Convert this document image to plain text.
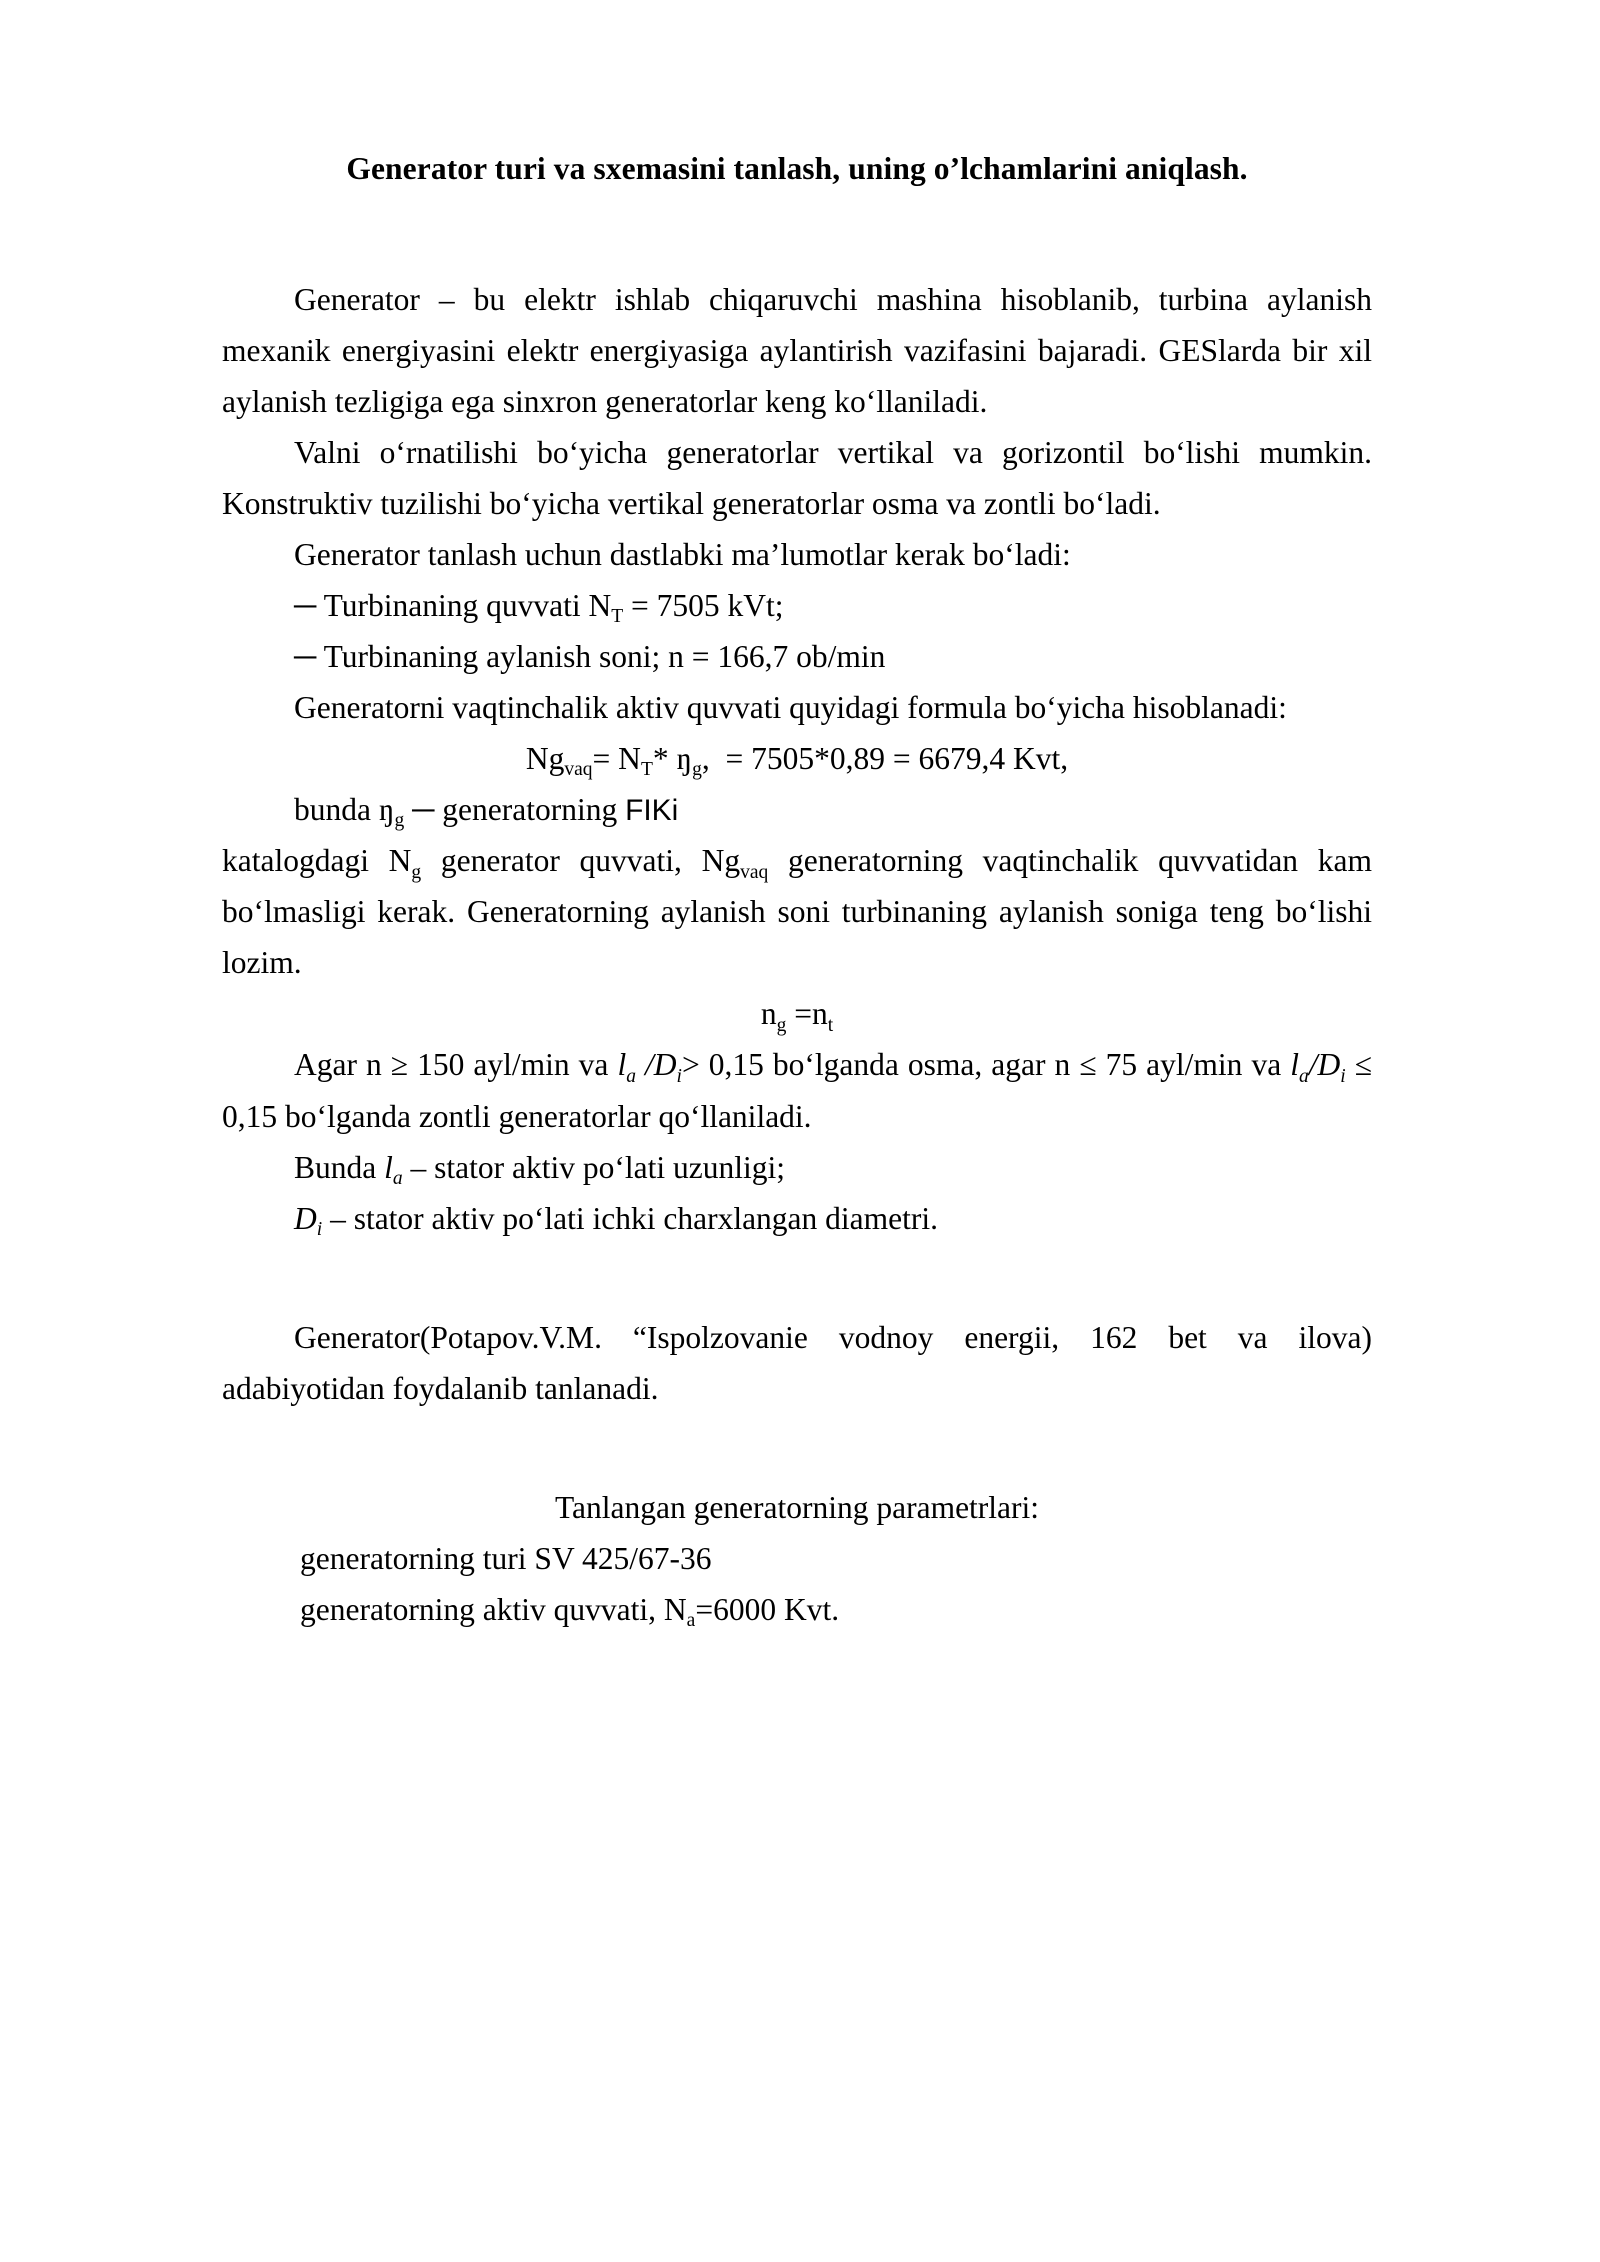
Generator turi va sxemasini tanlash, uning o’lchamlarini aniqlash.

Generator – bu elektr ishlab chiqaruvchi mashina hisoblanib, turbina aylanish mexanik energiyasini elektr energiyasiga aylantirish vazifasini bajaradi. GESlarda bir xil aylanish tezligiga ega sinxron generatorlar keng ko‘llaniladi.

Valni o‘rnatilishi bo‘yicha generatorlar vertikal va gorizontil bo‘lishi mumkin. Konstruktiv tuzilishi bo‘yicha vertikal generatorlar osma va zontli bo‘ladi.

Generator tanlash uchun dastlabki ma’lumotlar kerak bo‘ladi:

─ Turbinaning quvvati $N_T = 7505$ kVt;

─ Turbinaning aylanish soni; n = 166,7 ob/min

Generatorni vaqtinchalik aktiv quvvati quyidagi formula bo‘yicha hisoblanadi:

$Ng_{vaq}= N_T*$ $ŋ_g$, = 7505*0,89 = 6679,4 Kvt,

bunda $ŋ_g$ ─ generatorning FIKi

katalogdagi $N_g$ generator quvvati, $Ng_{vaq}$ generatorning vaqtinchalik quvvatidan kam bo‘lmasligi kerak. Generatorning aylanish soni turbinaning aylanish soniga teng bo‘lishi lozim.

$n_g =n_t$

Agar n ≥ 150 ayl/min va $l_a$ $/D_i> 0,15$ bo‘lganda osma, agar n ≤ 75 ayl/min va $l_a/D_i \le 0,15$ bo‘lganda zontli generatorlar qo‘llaniladi.

Bunda $l_a$ – stator aktiv po‘lati uzunligi;

$D_i$ – stator aktiv po‘lati ichki charxlangan diametri.

Generator(Potapov.V.M. “Ispolzovanie vodnoy energii, 162 bet va ilova) adabiyotidan foydalanib tanlanadi.

Tanlangan generatorning parametrlari:

generatorning turi SV 425/67-36

generatorning aktiv quvvati, $N_a=6000$ Kvt.
